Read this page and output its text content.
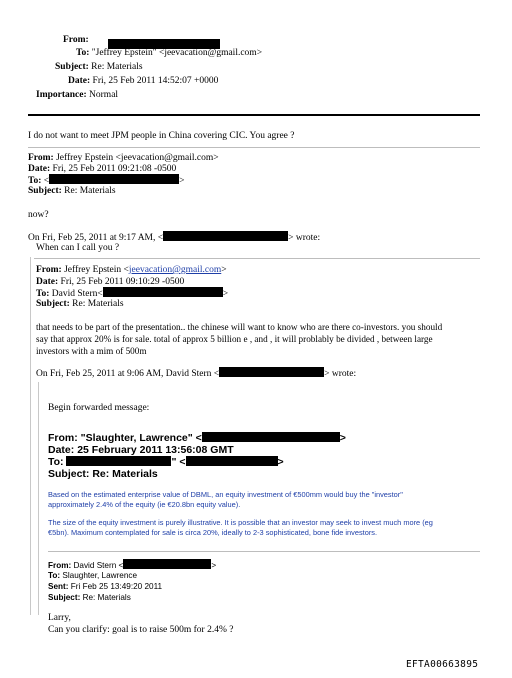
From:
To: "Jeffrey Epstein" <jeevacation@gmail.com>
Subject: Re: Materials
Date: Fri, 25 Feb 2011 14:52:07 +0000
Importance: Normal
I do not want to meet JPM people in China covering CIC. You agree ?
From: Jeffrey Epstein <jeevacation@gmail.com>
Date: Fri, 25 Feb 2011 09:21:08 -0500
To: <	>
Subject: Re: Materials
now?
On Fri, Feb 25, 2011 at 9:17 AM, <	> wrote:
When can I call you ?
From: Jeffrey Epstein <jeevacation@gmail.com>
Date: Fri, 25 Feb 2011 09:10:29 -0500
To: David Stern<	>
Subject: Re: Materials
that needs to be part of the presentation.. the chinese will want to know who are there co-investors. you should
say that approx 20% is for sale. total of approx 5 billion e , and , it will problably be divided , between large
investors with a mim of 500m
On Fri, Feb 25, 2011 at 9:06 AM, David Stern <	> wrote:
Begin forwarded message:
From: "Slaughter, Lawrence" <	>
Date: 25 February 2011 13:56:08 GMT
To:	" <	>
Subject: Re: Materials
Based on the estimated enterprise value of DBML, an equity investment of €500mm would buy the "investor"
approximately 2.4% of the equity (ie €20.8bn equity value).
The size of the equity investment is purely illustrative. It is possible that an investor may seek to invest much more (eg
€5bn). Maximum contemplated for sale is circa 20%, ideally to 2-3 sophisticated, bone fide investors.
From: David Stern <	>
To: Slaughter, Lawrence
Sent: Fri Feb 25 13:49:20 2011
Subject: Re: Materials
Larry,
Can you clarify: goal is to raise 500m for 2.4% ?
EFTA00663895
